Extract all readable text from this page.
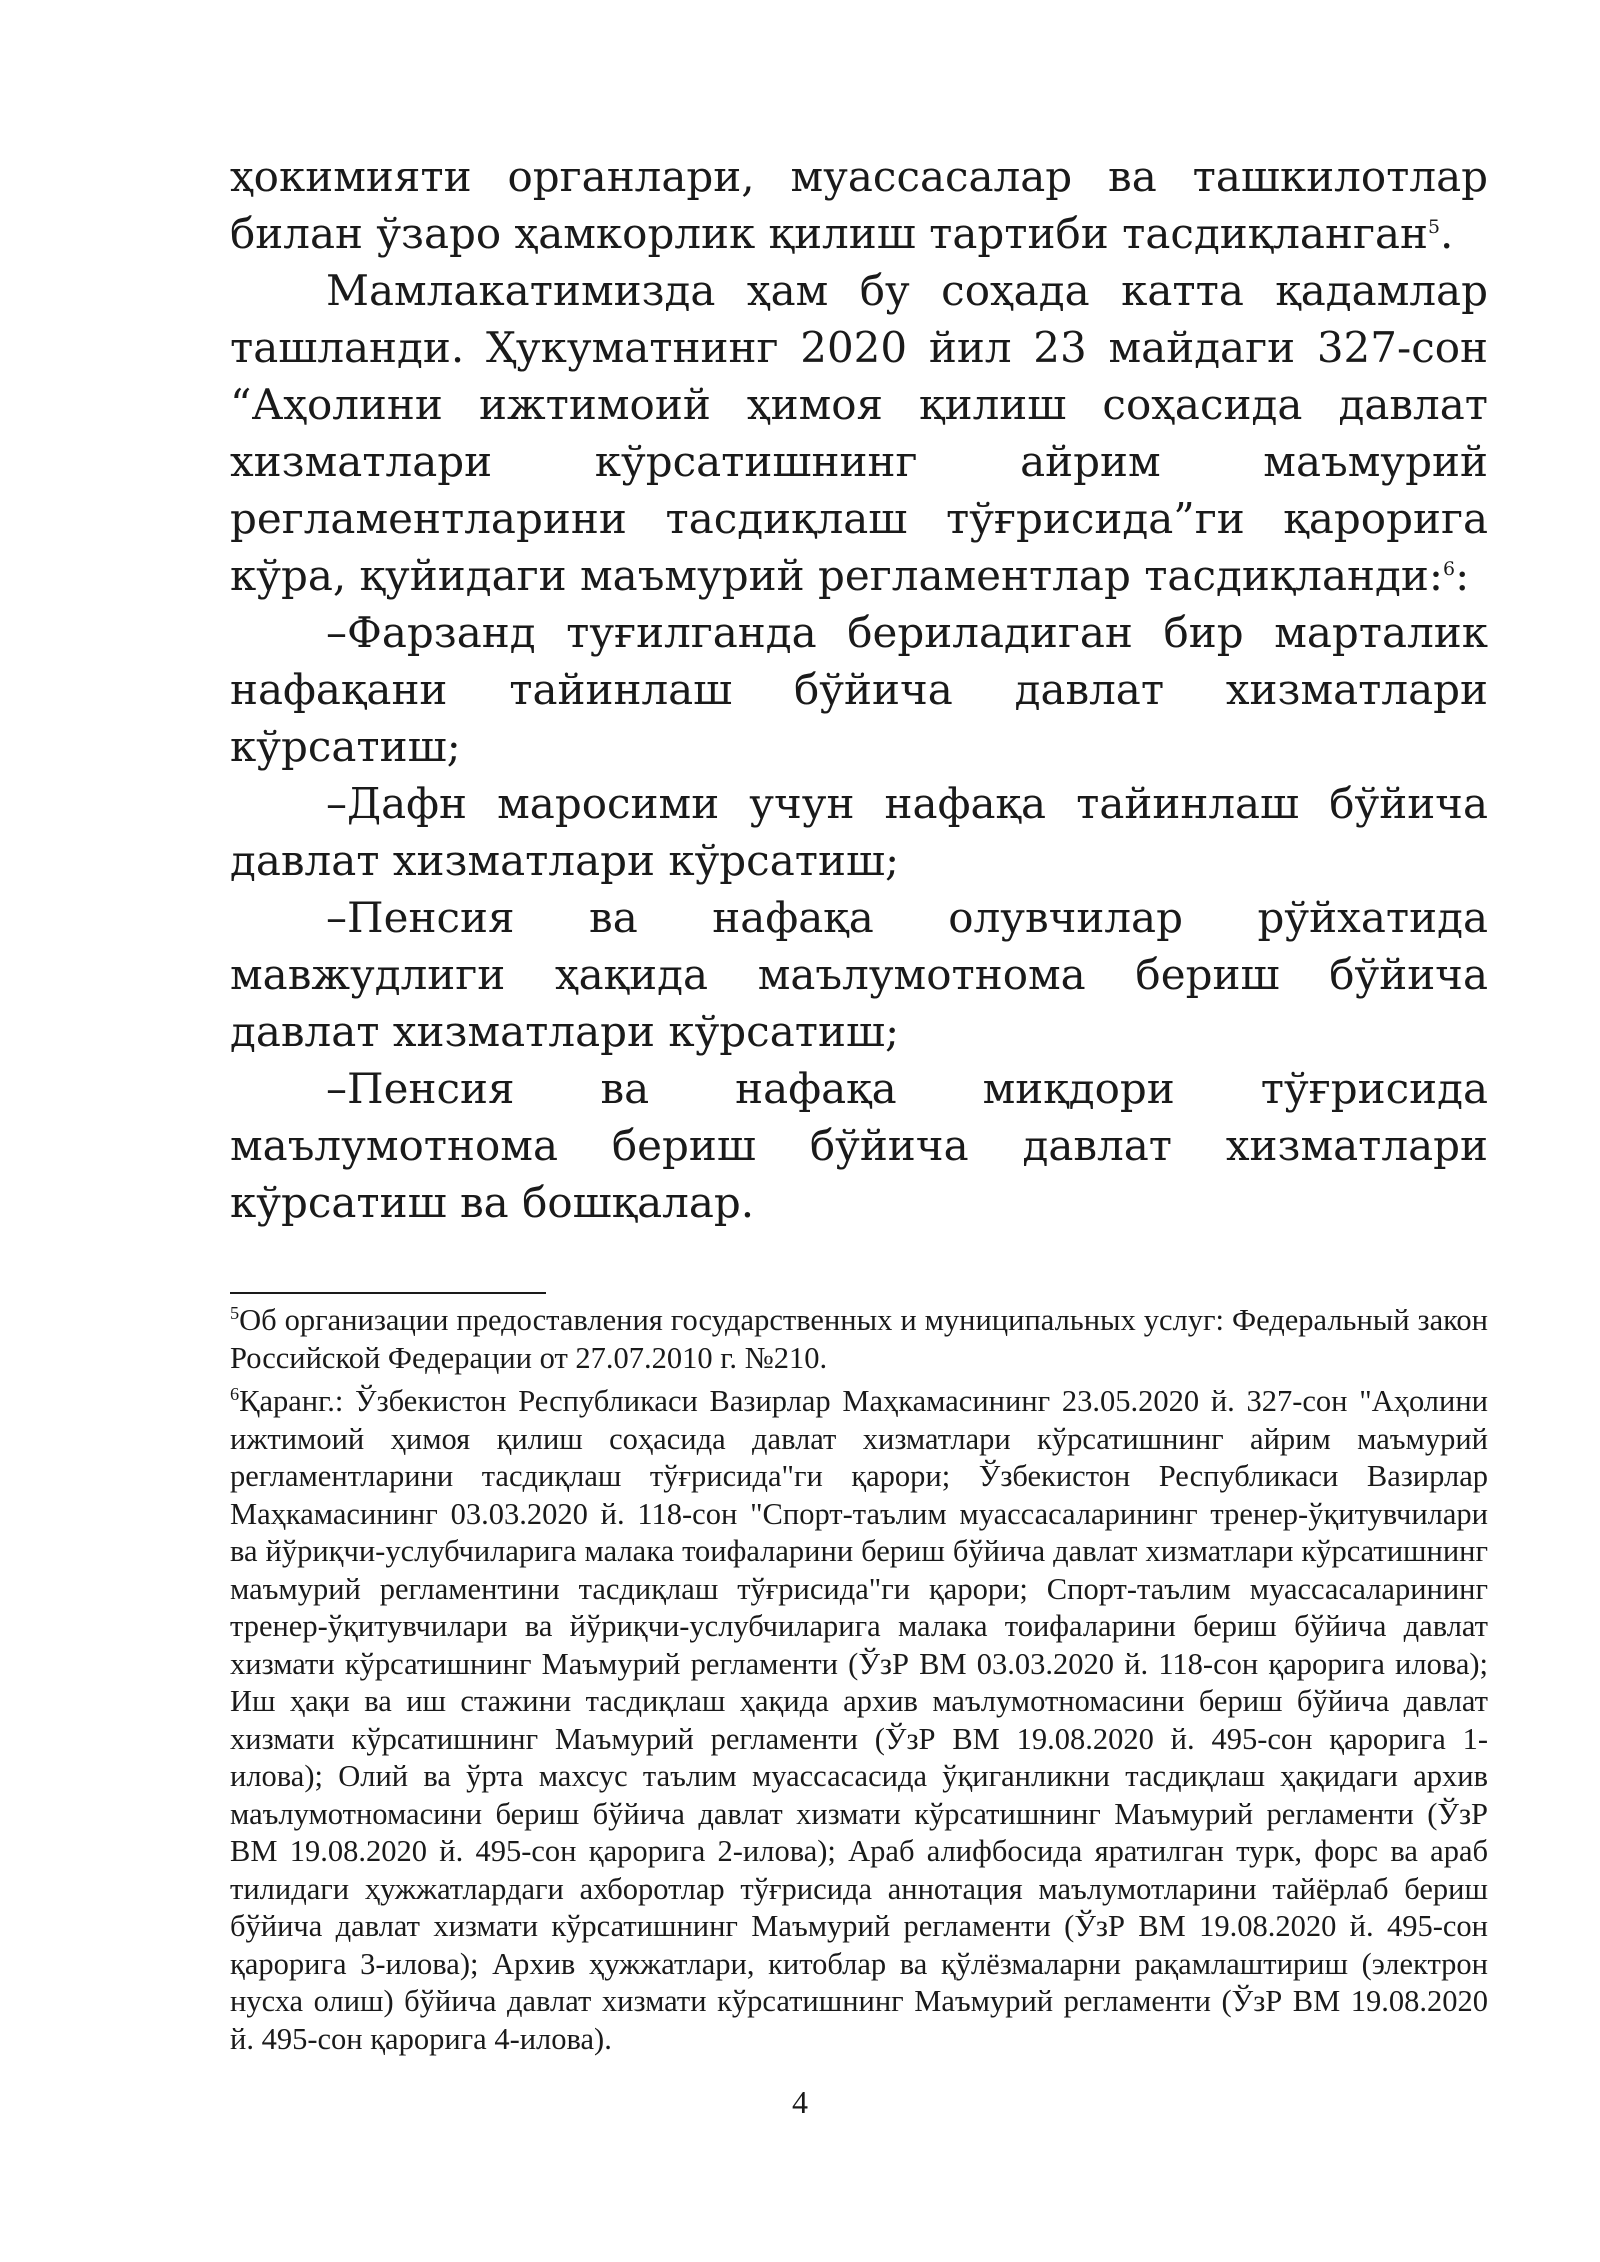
ҳокимияти органлари, муассасалар ва ташкилотлар билан ўзаро ҳамкорлик қилиш тартиби тасдиқланган$^5$.

Мамлакатимизда ҳам бу соҳада катта қадамлар ташланди. Ҳукуматнинг 2020 йил 23 майдаги 327-сон “Аҳолини ижтимоий ҳимоя қилиш соҳасида давлат хизматлари кўрсатишнинг айрим маъмурий регламентларини тасдиқлаш тўғрисида”ги қарорига кўра, қуйидаги маъмурий регламентлар тасдиқланди:$^6$:

–Фарзанд туғилганда бериладиган бир марталик нафақани тайинлаш бўйича давлат хизматлари кўрсатиш;

–Дафн маросими учун нафақа тайинлаш бўйича давлат хизматлари кўрсатиш;

–Пенсия ва нафақа олувчилар рўйхатида мавжудлиги ҳақида маълумотнома бериш бўйича давлат хизматлари кўрсатиш;

–Пенсия ва нафақа миқдори тўғрисида маълумотнома бериш бўйича давлат хизматлари кўрсатиш ва бошқалар.

$^5$Об организации предоставления государственных и муниципальных услуг: Федеральный закон Российской Федерации от 27.07.2010 г. №210.

$^6$Қаранг.: Ўзбекистон Республикаси Вазирлар Маҳкамасининг 23.05.2020 й. 327-сон "Аҳолини ижтимоий ҳимоя қилиш соҳасида давлат хизматлари кўрсатишнинг айрим маъмурий регламентларини тасдиқлаш тўғрисида"ги қарори; Ўзбекистон Республикаси Вазирлар Маҳкамасининг 03.03.2020 й. 118-сон "Спорт-таълим муассасаларининг тренер-ўқитувчилари ва йўриқчи-услубчиларига малака тоифаларини бериш бўйича давлат хизматлари кўрсатишнинг маъмурий регламентини тасдиқлаш тўғрисида"ги қарори; Спорт-таълим муассасаларининг тренер-ўқитувчилари ва йўриқчи-услубчиларига малака тоифаларини бериш бўйича давлат хизмати кўрсатишнинг Маъмурий регламенти (ЎзР ВМ 03.03.2020 й. 118-сон қарорига илова); Иш ҳақи ва иш стажини тасдиқлаш ҳақида архив маълумотномасини бериш бўйича давлат хизмати кўрсатишнинг Маъмурий регламенти (ЎзР ВМ 19.08.2020 й. 495-сон қарорига 1-илова); Олий ва ўрта махсус таълим муассасасида ўқиганликни тасдиқлаш ҳақидаги архив маълумотномасини бериш бўйича давлат хизмати кўрсатишнинг Маъмурий регламенти (ЎзР ВМ 19.08.2020 й. 495-сон қарорига 2-илова); Араб алифбосида яратилган турк, форс ва араб тилидаги ҳужжатлардаги ахборотлар тўғрисида аннотация маълумотларини тайёрлаб бериш бўйича давлат хизмати кўрсатишнинг Маъмурий регламенти (ЎзР ВМ 19.08.2020 й. 495-сон қарорига 3-илова); Архив ҳужжатлари, китоблар ва қўлёзмаларни рақамлаштириш (электрон нусха олиш) бўйича давлат хизмати кўрсатишнинг Маъмурий регламенти (ЎзР ВМ 19.08.2020 й. 495-сон қарорига 4-илова).

4
